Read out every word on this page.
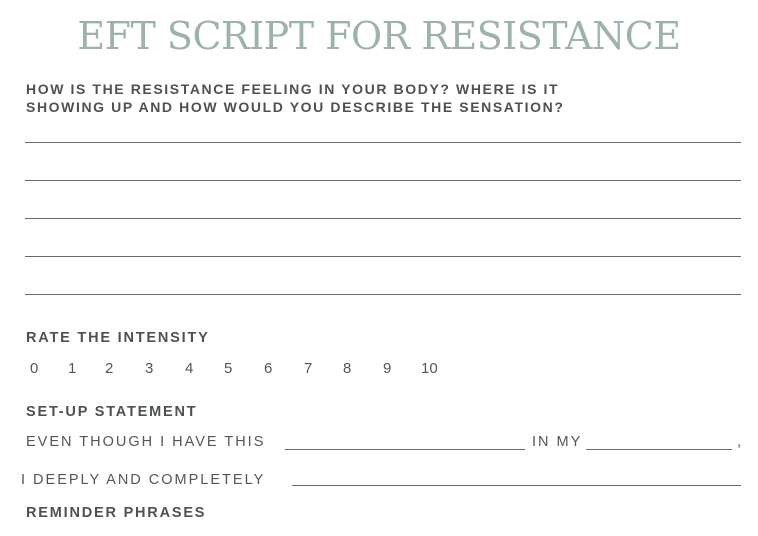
EFT SCRIPT FOR RESISTANCE
HOW IS THE RESISTANCE FEELING IN YOUR BODY? WHERE IS IT
SHOWING UP AND HOW WOULD YOU DESCRIBE THE SENSATION?
RATE THE INTENSITY
0 1 2 3 4 5 6 7 8 9 10
SET-UP STATEMENT
EVEN THOUGH I HAVE THIS	IN MY	,
I DEEPLY AND COMPLETELY
REMINDER PHRASES
